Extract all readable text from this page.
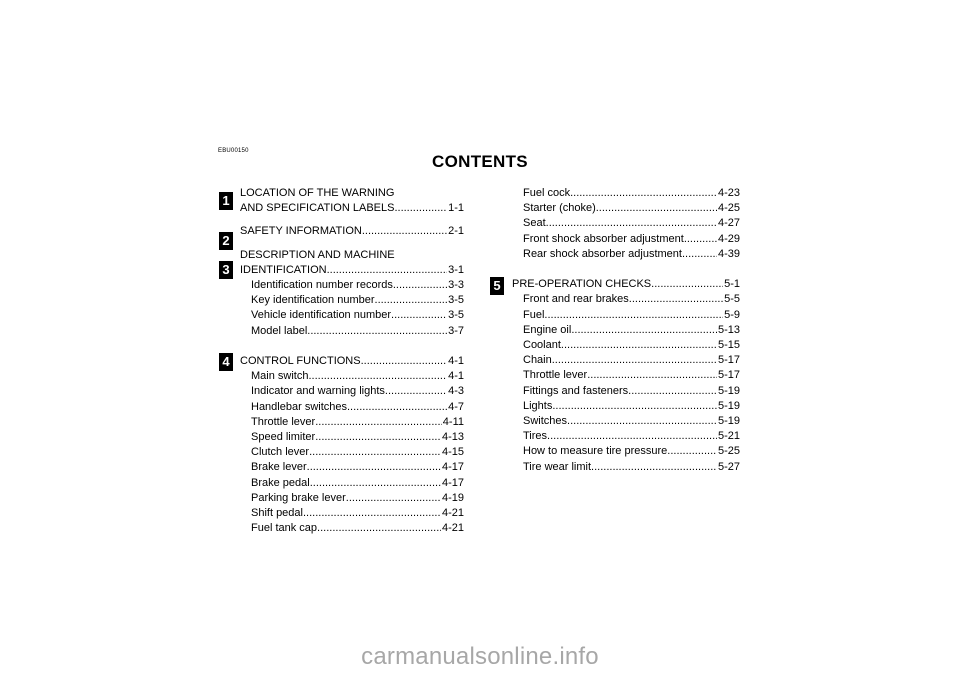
EBU00150
CONTENTS
1
2
3
4
5
LOCATION OF THE WARNING
AND SPECIFICATION LABELS .....	1-1
SAFETY INFORMATION .....	2-1
DESCRIPTION AND MACHINE
IDENTIFICATION .....	3-1
Identification number records .....	3-3
Key identification number .....	3-5
Vehicle identification number .....	3-5
Model label .....	3-7
CONTROL FUNCTIONS .....	4-1
Main switch .....	4-1
Indicator and warning lights .....	4-3
Handlebar switches .....	4-7
Throttle lever .....	4-11
Speed limiter .....	4-13
Clutch lever .....	4-15
Brake lever .....	4-17
Brake pedal .....	4-17
Parking brake lever .....	4-19
Shift pedal .....	4-21
Fuel tank cap .....	4-21
Fuel cock .....	4-23
Starter (choke) .....	4-25
Seat .....	4-27
Front shock absorber adjustment .....	4-29
Rear shock absorber adjustment .....	4-39
PRE-OPERATION CHECKS .....	5-1
Front and rear brakes .....	5-5
Fuel .....	5-9
Engine oil .....	5-13
Coolant .....	5-15
Chain .....	5-17
Throttle lever .....	5-17
Fittings and fasteners .....	5-19
Lights .....	5-19
Switches .....	5-19
Tires .....	5-21
How to measure tire pressure .....	5-25
Tire wear limit .....	5-27
carmanualsonline.info
